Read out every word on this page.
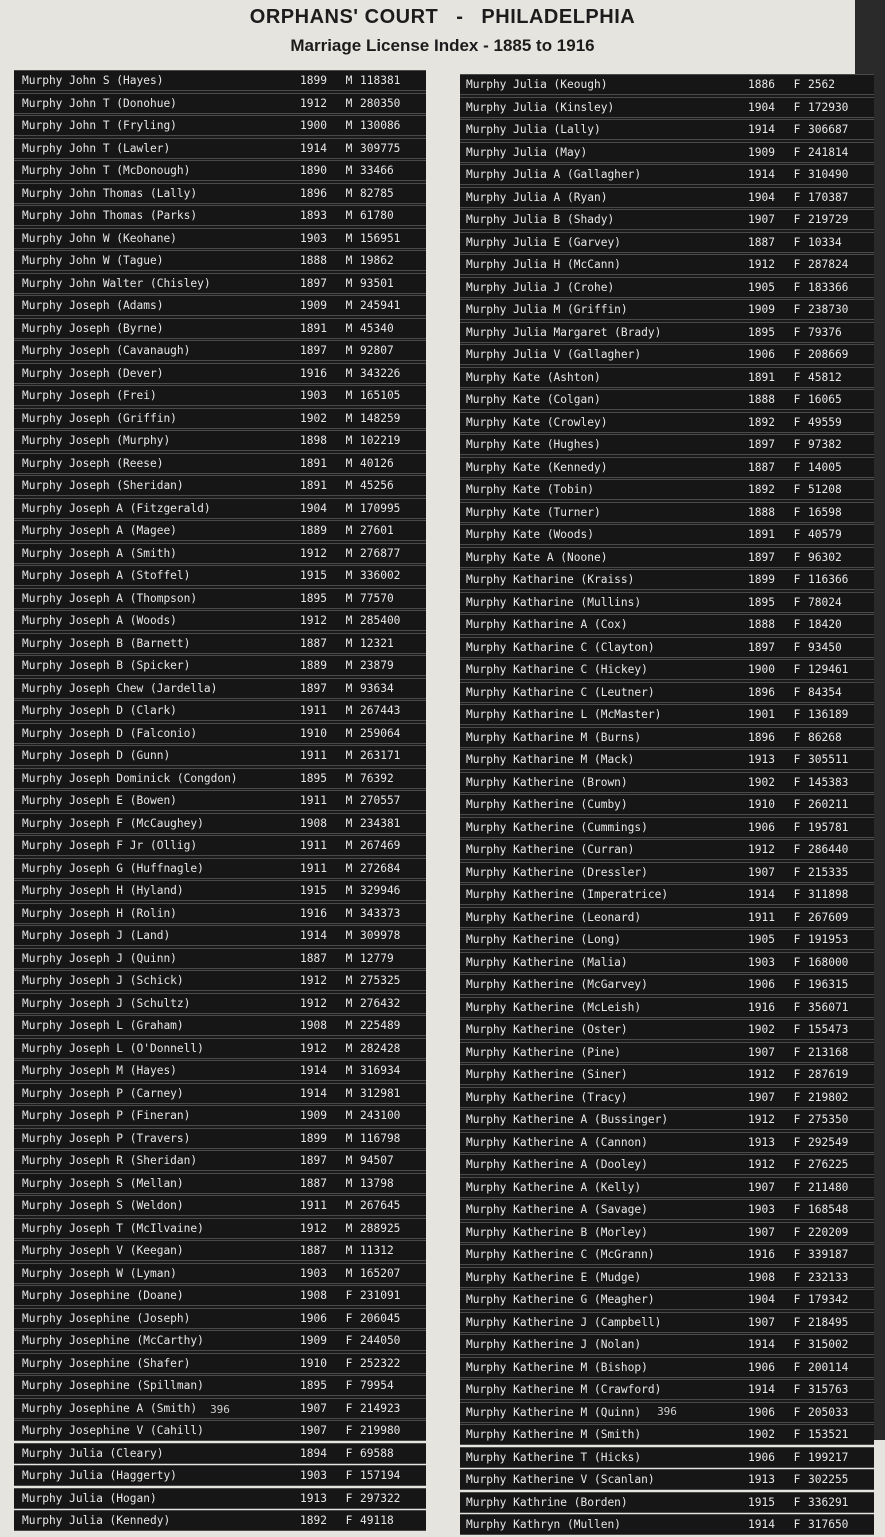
ORPHANS' COURT - PHILADELPHIA
Marriage License Index - 1885 to 1916
Murphy John S (Hayes)	1899	M 118381
Murphy John T (Donohue)	1912	M 280350
Murphy John T (Fryling)	1900	M 130086
Murphy John T (Lawler)	1914	M 309775
Murphy John T (McDonough)	1890	M 33466
Murphy John Thomas (Lally)	1896	M 82785
Murphy John Thomas (Parks)	1893	M 61780
Murphy John W (Keohane)	1903	M 156951
Murphy John W (Tague)	1888	M 19862
Murphy John Walter (Chisley)	1897	M 93501
Murphy Joseph (Adams)	1909	M 245941
Murphy Joseph (Byrne)	1891	M 45340
Murphy Joseph (Cavanaugh)	1897	M 92807
Murphy Joseph (Dever)	1916	M 343226
Murphy Joseph (Frei)	1903	M 165105
Murphy Joseph (Griffin)	1902	M 148259
Murphy Joseph (Murphy)	1898	M 102219
Murphy Joseph (Reese)	1891	M 40126
Murphy Joseph (Sheridan)	1891	M 45256
Murphy Joseph A (Fitzgerald)	1904	M 170995
Murphy Joseph A (Magee)	1889	M 27601
Murphy Joseph A (Smith)	1912	M 276877
Murphy Joseph A (Stoffel)	1915	M 336002
Murphy Joseph A (Thompson)	1895	M 77570
Murphy Joseph A (Woods)	1912	M 285400
Murphy Joseph B (Barnett)	1887	M 12321
Murphy Joseph B (Spicker)	1889	M 23879
Murphy Joseph Chew (Jardella)	1897	M 93634
Murphy Joseph D (Clark)	1911	M 267443
Murphy Joseph D (Falconio)	1910	M 259064
Murphy Joseph D (Gunn)	1911	M 263171
Murphy Joseph Dominick (Congdon)	1895	M 76392
Murphy Joseph E (Bowen)	1911	M 270557
Murphy Joseph F (McCaughey)	1908	M 234381
Murphy Joseph F Jr (Ollig)	1911	M 267469
Murphy Joseph G (Huffnagle)	1911	M 272684
Murphy Joseph H (Hyland)	1915	M 329946
Murphy Joseph H (Rolin)	1916	M 343373
Murphy Joseph J (Land)	1914	M 309978
Murphy Joseph J (Quinn)	1887	M 12779
Murphy Joseph J (Schick)	1912	M 275325
Murphy Joseph J (Schultz)	1912	M 276432
Murphy Joseph L (Graham)	1908	M 225489
Murphy Joseph L (O'Donnell)	1912	M 282428
Murphy Joseph M (Hayes)	1914	M 316934
Murphy Joseph P (Carney)	1914	M 312981
Murphy Joseph P (Fineran)	1909	M 243100
Murphy Joseph P (Travers)	1899	M 116798
Murphy Joseph R (Sheridan)	1897	M 94507
Murphy Joseph S (Mellan)	1887	M 13798
Murphy Joseph S (Weldon)	1911	M 267645
Murphy Joseph T (McIlvaine)	1912	M 288925
Murphy Joseph V (Keegan)	1887	M 11312
Murphy Joseph W (Lyman)	1903	M 165207
Murphy Josephine (Doane)	1908	F 231091
Murphy Josephine (Joseph)	1906	F 206045
Murphy Josephine (McCarthy)	1909	F 244050
Murphy Josephine (Shafer)	1910	F 252322
Murphy Josephine (Spillman)	1895	F 79954
Murphy Josephine A (Smith)	1907	F 214923
Murphy Josephine V (Cahill)	1907	F 219980
Murphy Julia (Cleary)	1894	F 69588
Murphy Julia (Haggerty)	1903	F 157194
Murphy Julia (Hogan)	1913	F 297322
Murphy Julia (Kennedy)	1892	F 49118
396
Murphy Julia (Keough)	1886	F 2562
Murphy Julia (Kinsley)	1904	F 172930
Murphy Julia (Lally)	1914	F 306687
Murphy Julia (May)	1909	F 241814
Murphy Julia A (Gallagher)	1914	F 310490
Murphy Julia A (Ryan)	1904	F 170387
Murphy Julia B (Shady)	1907	F 219729
Murphy Julia E (Garvey)	1887	F 10334
Murphy Julia H (McCann)	1912	F 287824
Murphy Julia J (Crohe)	1905	F 183366
Murphy Julia M (Griffin)	1909	F 238730
Murphy Julia Margaret (Brady)	1895	F 79376
Murphy Julia V (Gallagher)	1906	F 208669
Murphy Kate (Ashton)	1891	F 45812
Murphy Kate (Colgan)	1888	F 16065
Murphy Kate (Crowley)	1892	F 49559
Murphy Kate (Hughes)	1897	F 97382
Murphy Kate (Kennedy)	1887	F 14005
Murphy Kate (Tobin)	1892	F 51208
Murphy Kate (Turner)	1888	F 16598
Murphy Kate (Woods)	1891	F 40579
Murphy Kate A (Noone)	1897	F 96302
Murphy Katharine (Kraiss)	1899	F 116366
Murphy Katharine (Mullins)	1895	F 78024
Murphy Katharine A (Cox)	1888	F 18420
Murphy Katharine C (Clayton)	1897	F 93450
Murphy Katharine C (Hickey)	1900	F 129461
Murphy Katharine C (Leutner)	1896	F 84354
Murphy Katharine L (McMaster)	1901	F 136189
Murphy Katharine M (Burns)	1896	F 86268
Murphy Katharine M (Mack)	1913	F 305511
Murphy Katherine (Brown)	1902	F 145383
Murphy Katherine (Cumby)	1910	F 260211
Murphy Katherine (Cummings)	1906	F 195781
Murphy Katherine (Curran)	1912	F 286440
Murphy Katherine (Dressler)	1907	F 215335
Murphy Katherine (Imperatrice)	1914	F 311898
Murphy Katherine (Leonard)	1911	F 267609
Murphy Katherine (Long)	1905	F 191953
Murphy Katherine (Malia)	1903	F 168000
Murphy Katherine (McGarvey)	1906	F 196315
Murphy Katherine (McLeish)	1916	F 356071
Murphy Katherine (Oster)	1902	F 155473
Murphy Katherine (Pine)	1907	F 213168
Murphy Katherine (Siner)	1912	F 287619
Murphy Katherine (Tracy)	1907	F 219802
Murphy Katherine A (Bussinger)	1912	F 275350
Murphy Katherine A (Cannon)	1913	F 292549
Murphy Katherine A (Dooley)	1912	F 276225
Murphy Katherine A (Kelly)	1907	F 211480
Murphy Katherine A (Savage)	1903	F 168548
Murphy Katherine B (Morley)	1907	F 220209
Murphy Katherine C (McGrann)	1916	F 339187
Murphy Katherine E (Mudge)	1908	F 232133
Murphy Katherine G (Meagher)	1904	F 179342
Murphy Katherine J (Campbell)	1907	F 218495
Murphy Katherine J (Nolan)	1914	F 315002
Murphy Katherine M (Bishop)	1906	F 200114
Murphy Katherine M (Crawford)	1914	F 315763
Murphy Katherine M (Quinn)	1906	F 205033
Murphy Katherine M (Smith)	1902	F 153521
Murphy Katherine T (Hicks)	1906	F 199217
Murphy Katherine V (Scanlan)	1913	F 302255
Murphy Kathrine (Borden)	1915	F 336291
Murphy Kathryn (Mullen)	1914	F 317650
396
